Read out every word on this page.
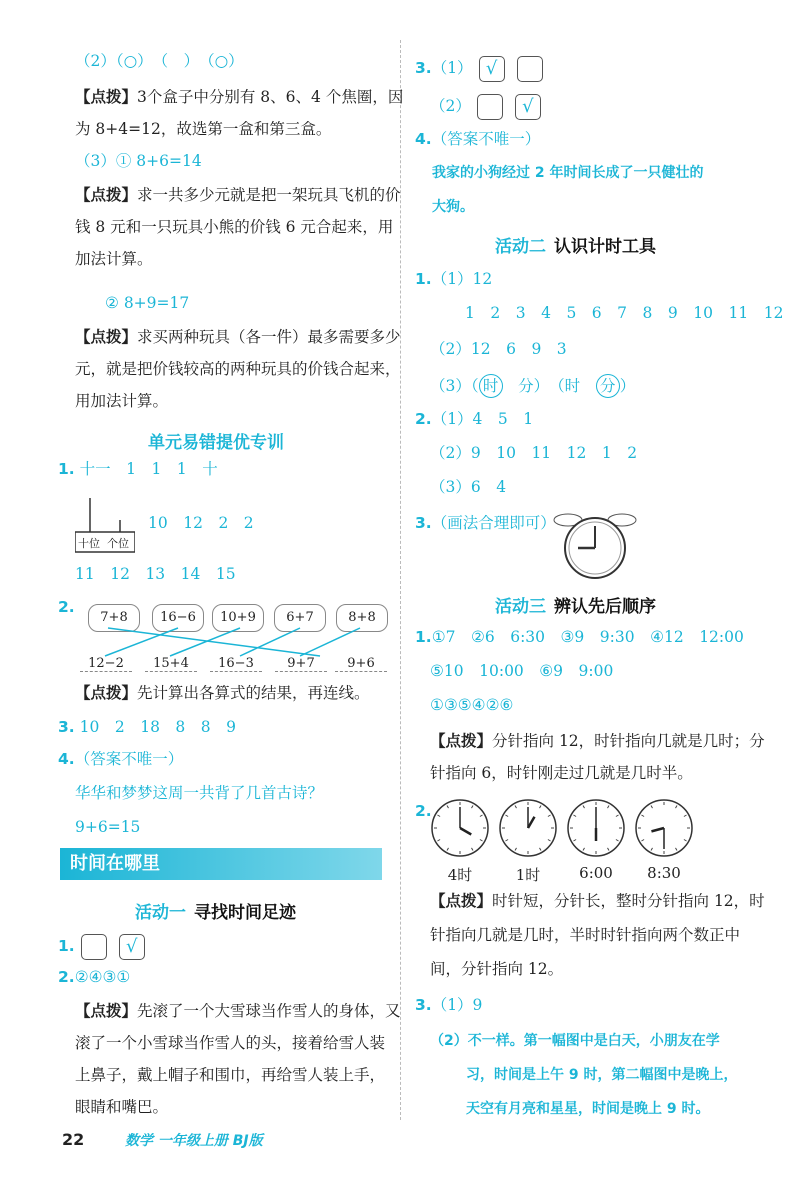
（2）（○）　（　）　（○）
【点拨】3个盒子中分别有 8、6、4 个焦圈，因
为 8+4=12，故选第一盒和第三盒。
（3）① 8+6=14
【点拨】求一共多少元就是把一架玩具飞机的价
钱 8 元和一只玩具小熊的价钱 6 元合起来，用
加法计算。
② 8+9=17
【点拨】求买两种玩具（各一件）最多需要多少
元，就是把价钱较高的两种玩具的价钱合起来，
用加法计算。
单元易错提优专训
1. 十一　1　1　1　十
十位 个位
10　12　2　2
11　12　13　14　15
2.
7+8	16−6	10+9	6+7	8+8
12−2	15+4	16−3	9+7	9+6
【点拨】先计算出各算式的结果，再连线。
3. 10　2　18　8　8　9
4.（答案不唯一）
华华和梦梦这周一共背了几首古诗？
9+6=15
时间在哪里
活动一 寻找时间足迹
1.	√
2.②④③①
【点拨】先滚了一个大雪球当作雪人的身体，又
滚了一个小雪球当作雪人的头，接着给雪人装
上鼻子，戴上帽子和围巾，再给雪人装上手，
眼睛和嘴巴。
3.（1） √
（2）	√
4.（答案不唯一）
我家的小狗经过 2 年时间长成了一只健壮的
大狗。
活动二 认识计时工具
1.（1）12
1　2　3　4　5　6　7　8　9　10　11　12
（2）12　6　9　3
（3）（ 时　 分）　（时　 分 ）
2.（1）4　5　1
（2）9　10　11　12　1　2
（3）6　4
3.（画法合理即可）
活动三 辨认先后顺序
1.①7　②6　6:30　③9　9:30　④12　12:00
⑤10　10:00　⑥9　9:00
①③⑤④②⑥
【点拨】分针指向 12，时针指向几就是几时；分
针指向 6，时针刚走过几就是几时半。
2.
4时	1时	6:00	8:30
【点拨】时针短，分针长，整时分针指向 12，时
针指向几就是几时，半时时针指向两个数正中
间，分针指向 12。
3.（1）9
（2）不一样。第一幅图中是白天，小朋友在学
习，时间是上午 9 时，第二幅图中是晚上，
天空有月亮和星星，时间是晚上 9 时。
22	数学 一年级上册 BJ版
